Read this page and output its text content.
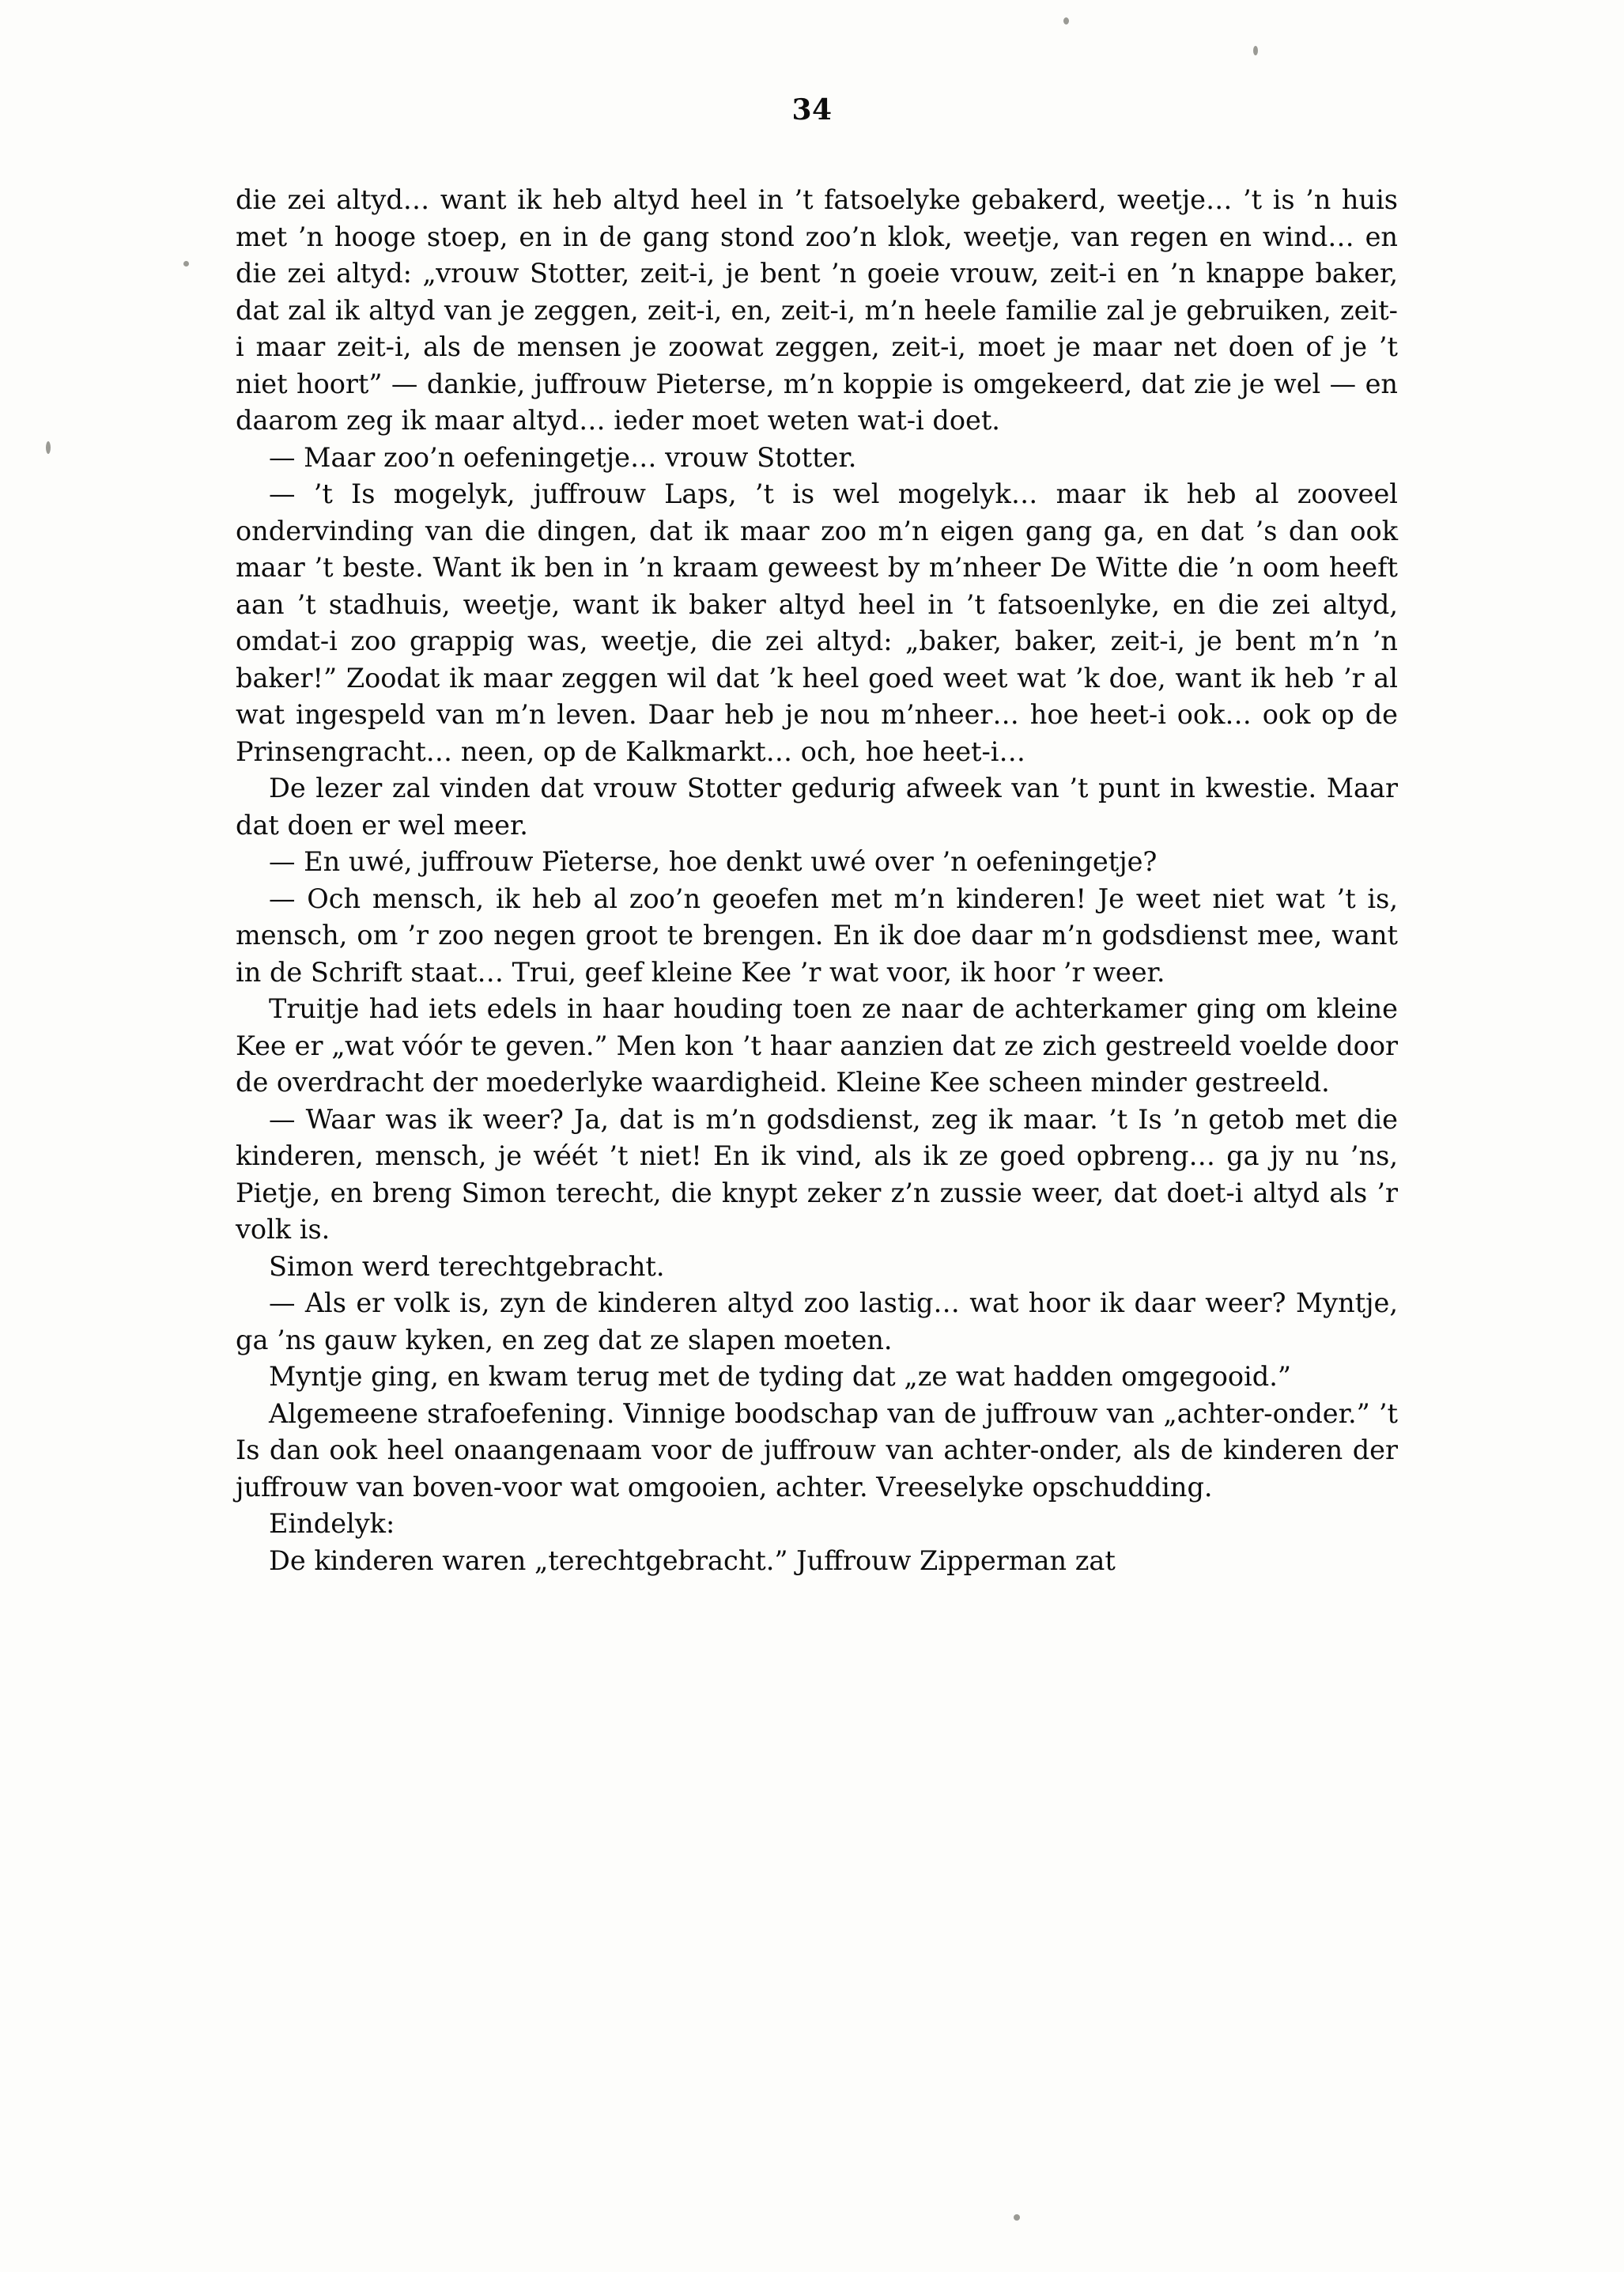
34

die zei altyd… want ik heb altyd heel in ’t fatsoelyke gebakerd, weetje… ’t is ’n huis met ’n hooge stoep, en in de gang stond zoo’n klok, weetje, van regen en wind… en die zei altyd: „vrouw Stotter, zeit-i, je bent ’n goeie vrouw, zeit-i en ’n knappe baker, dat zal ik altyd van je zeggen, zeit-i, en, zeit-i, m’n heele familie zal je gebruiken, zeit-i maar zeit-i, als de mensen je zoowat zeggen, zeit-i, moet je maar net doen of je ’t niet hoort” — dankie, juffrouw Pieterse, m’n koppie is omgekeerd, dat zie je wel — en daarom zeg ik maar altyd… ieder moet weten wat-i doet.

— Maar zoo’n oefeningetje… vrouw Stotter.

— ’t Is mogelyk, juffrouw Laps, ’t is wel mogelyk… maar ik heb al zooveel ondervinding van die dingen, dat ik maar zoo m’n eigen gang ga, en dat ’s dan ook maar ’t beste. Want ik ben in ’n kraam geweest by m’nheer De Witte die ’n oom heeft aan ’t stadhuis, weetje, want ik baker altyd heel in ’t fatsoenlyke, en die zei altyd, omdat-i zoo grappig was, weetje, die zei altyd: „baker, baker, zeit-i, je bent m’n ’n baker!” Zoodat ik maar zeggen wil dat ’k heel goed weet wat ’k doe, want ik heb ’r al wat ingespeld van m’n leven. Daar heb je nou m’nheer… hoe heet-i ook… ook op de Prinsengracht… neen, op de Kalkmarkt… och, hoe heet-i…

De lezer zal vinden dat vrouw Stotter gedurig afweek van ’t punt in kwestie. Maar dat doen er wel meer.

— En uwé, juffrouw Pïeterse, hoe denkt uwé over ’n oefeningetje?

— Och mensch, ik heb al zoo’n geoefen met m’n kinderen! Je weet niet wat ’t is, mensch, om ’r zoo negen groot te brengen. En ik doe daar m’n godsdienst mee, want in de Schrift staat… Trui, geef kleine Kee ’r wat voor, ik hoor ’r weer.

Truitje had iets edels in haar houding toen ze naar de achterkamer ging om kleine Kee er „wat vóór te geven.” Men kon ’t haar aanzien dat ze zich gestreeld voelde door de overdracht der moederlyke waardigheid. Kleine Kee scheen minder gestreeld.

— Waar was ik weer? Ja, dat is m’n godsdienst, zeg ik maar. ’t Is ’n getob met die kinderen, mensch, je wéét ’t niet! En ik vind, als ik ze goed opbreng… ga jy nu ’ns, Pietje, en breng Simon terecht, die knypt zeker z’n zussie weer, dat doet-i altyd als ’r volk is.

Simon werd terechtgebracht.

— Als er volk is, zyn de kinderen altyd zoo lastig… wat hoor ik daar weer? Myntje, ga ’ns gauw kyken, en zeg dat ze slapen moeten.

Myntje ging, en kwam terug met de tyding dat „ze wat hadden omgegooid.”

Algemeene strafoefening. Vinnige boodschap van de juffrouw van „achter-onder.” ’t Is dan ook heel onaangenaam voor de juffrouw van achter-onder, als de kinderen der juffrouw van boven-voor wat omgooien, achter. Vreeselyke opschudding.

Eindelyk:

De kinderen waren „terechtgebracht.” Juffrouw Zipperman zat
